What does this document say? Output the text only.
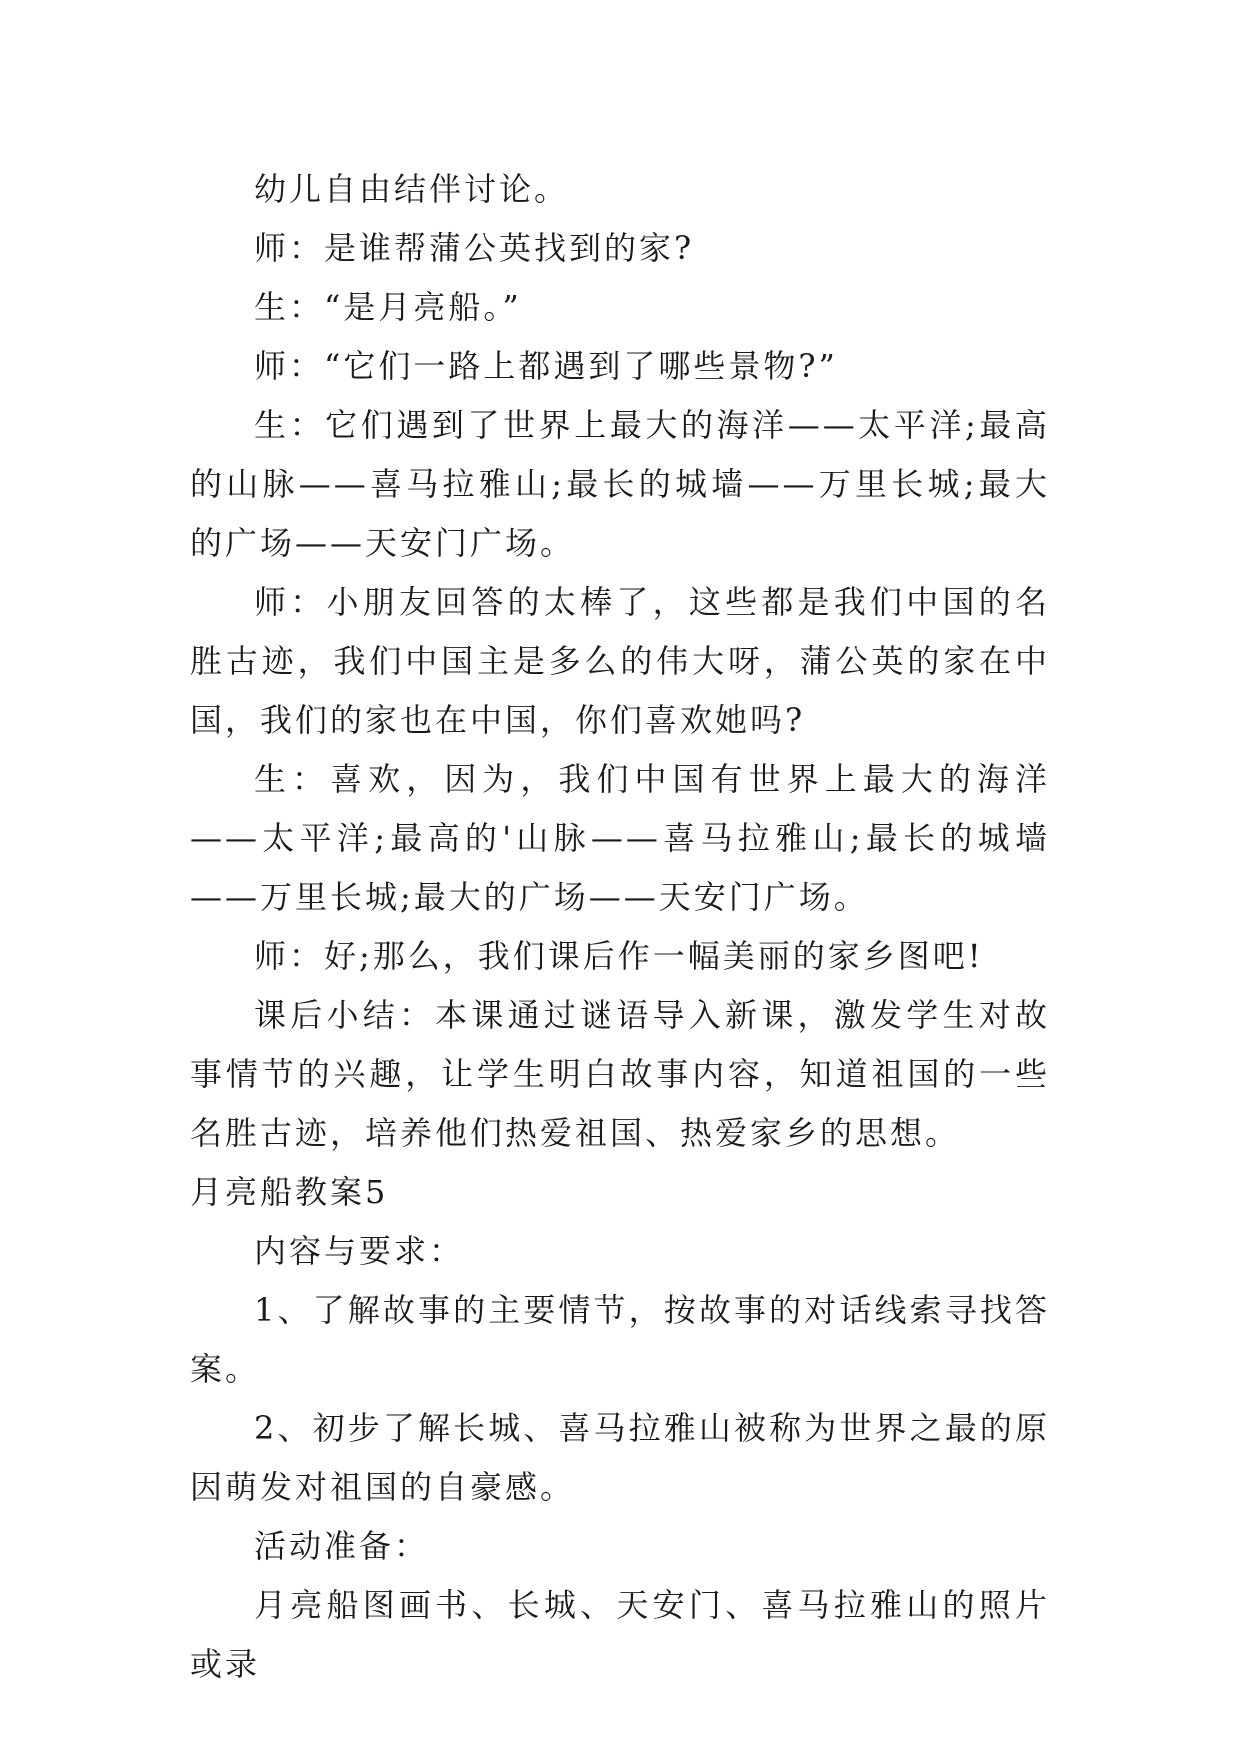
幼儿自由结伴讨论。

师：是谁帮蒲公英找到的家?

生：“是月亮船。”

师：“它们一路上都遇到了哪些景物?”

生：它们遇到了世界上最大的海洋——太平洋;最高的山脉——喜马拉雅山;最长的城墙——万里长城;最大的广场——天安门广场。

师：小朋友回答的太棒了，这些都是我们中国的名胜古迹，我们中国主是多么的伟大呀，蒲公英的家在中国，我们的家也在中国，你们喜欢她吗?

生：喜欢，因为，我们中国有世界上最大的海洋——太平洋;最高的'山脉——喜马拉雅山;最长的城墙——万里长城;最大的广场——天安门广场。

师：好;那么，我们课后作一幅美丽的家乡图吧!

课后小结：本课通过谜语导入新课，激发学生对故事情节的兴趣，让学生明白故事内容，知道祖国的一些名胜古迹，培养他们热爱祖国、热爱家乡的思想。

月亮船教案5

内容与要求：

1、了解故事的主要情节，按故事的对话线索寻找答案。

2、初步了解长城、喜马拉雅山被称为世界之最的原因萌发对祖国的自豪感。

活动准备：

月亮船图画书、长城、天安门、喜马拉雅山的照片或录
